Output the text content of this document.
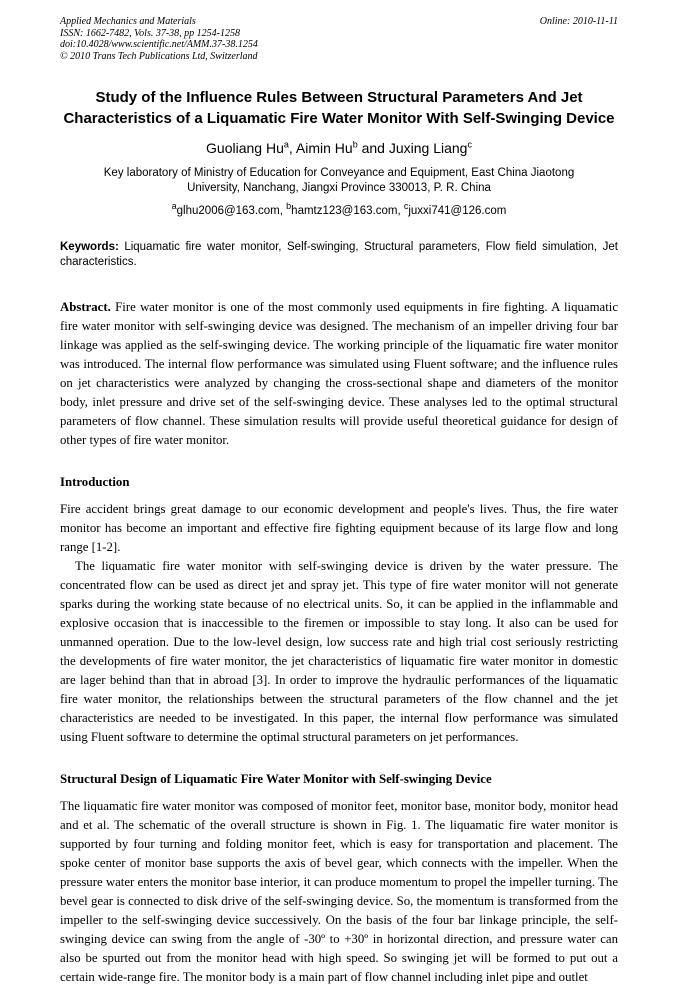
Applied Mechanics and Materials
ISSN: 1662-7482, Vols. 37-38, pp 1254-1258
doi:10.4028/www.scientific.net/AMM.37-38.1254
© 2010 Trans Tech Publications Ltd, Switzerland
Online: 2010-11-11
Study of the Influence Rules Between Structural Parameters And Jet Characteristics of a Liquamatic Fire Water Monitor With Self-Swinging Device

Guoliang Hu$^a$, Aimin Hu$^b$ and Juxing Liang$^c$

Key laboratory of Ministry of Education for Conveyance and Equipment, East China Jiaotong University, Nanchang, Jiangxi Province 330013, P. R. China

$^a$glhu2006@163.com, $^b$hamtz123@163.com, $^c$juxxi741@126.com

Keywords: Liquamatic fire water monitor, Self-swinging, Structural parameters, Flow field simulation, Jet characteristics.

Abstract. Fire water monitor is one of the most commonly used equipments in fire fighting. A liquamatic fire water monitor with self-swinging device was designed. The mechanism of an impeller driving four bar linkage was applied as the self-swinging device. The working principle of the liquamatic fire water monitor was introduced. The internal flow performance was simulated using Fluent software; and the influence rules on jet characteristics were analyzed by changing the cross-sectional shape and diameters of the monitor body, inlet pressure and drive set of the self-swinging device. These analyses led to the optimal structural parameters of flow channel. These simulation results will provide useful theoretical guidance for design of other types of fire water monitor.

Introduction

Fire accident brings great damage to our economic development and people's lives. Thus, the fire water monitor has become an important and effective fire fighting equipment because of its large flow and long range [1-2].

The liquamatic fire water monitor with self-swinging device is driven by the water pressure. The concentrated flow can be used as direct jet and spray jet. This type of fire water monitor will not generate sparks during the working state because of no electrical units. So, it can be applied in the inflammable and explosive occasion that is inaccessible to the firemen or impossible to stay long. It also can be used for unmanned operation. Due to the low-level design, low success rate and high trial cost seriously restricting the developments of fire water monitor, the jet characteristics of liquamatic fire water monitor in domestic are lager behind than that in abroad [3]. In order to improve the hydraulic performances of the liquamatic fire water monitor, the relationships between the structural parameters of the flow channel and the jet characteristics are needed to be investigated. In this paper, the internal flow performance was simulated using Fluent software to determine the optimal structural parameters on jet performances.

Structural Design of Liquamatic Fire Water Monitor with Self-swinging Device

The liquamatic fire water monitor was composed of monitor feet, monitor base, monitor body, monitor head and et al. The schematic of the overall structure is shown in Fig. 1. The liquamatic fire water monitor is supported by four turning and folding monitor feet, which is easy for transportation and placement. The spoke center of monitor base supports the axis of bevel gear, which connects with the impeller. When the pressure water enters the monitor base interior, it can produce momentum to propel the impeller turning. The bevel gear is connected to disk drive of the self-swinging device. So, the momentum is transformed from the impeller to the self-swinging device successively. On the basis of the four bar linkage principle, the self-swinging device can swing from the angle of -30º to +30º in horizontal direction, and pressure water can also be spurted out from the monitor head with high speed. So swinging jet will be formed to put out a certain wide-range fire. The monitor body is a main part of flow channel including inlet pipe and outlet
